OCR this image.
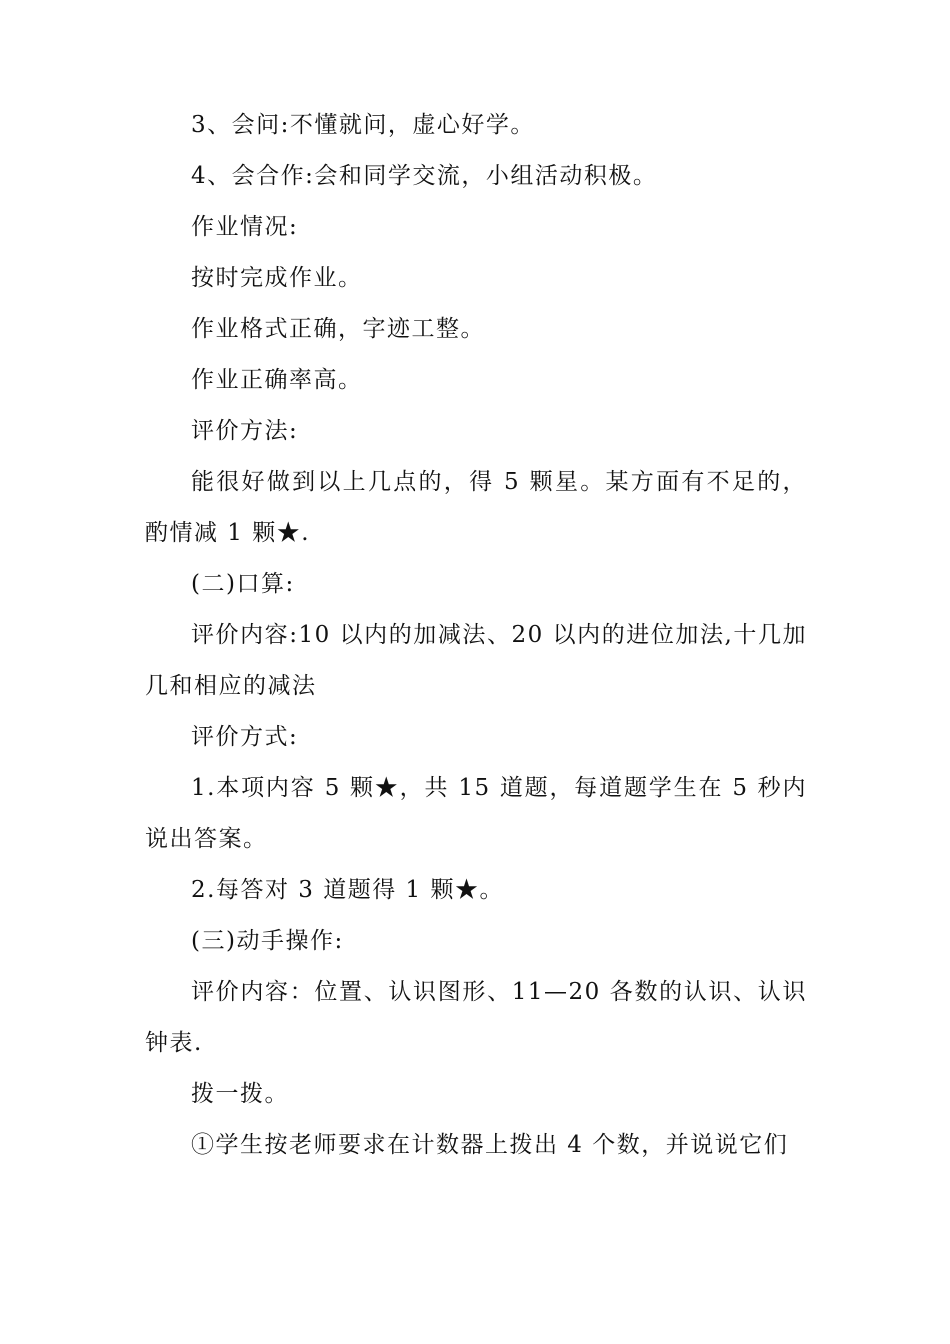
3、会问:不懂就问，虚心好学。

4、会合作:会和同学交流，小组活动积极。

作业情况:

按时完成作业。

作业格式正确，字迹工整。

作业正确率高。

评价方法:

能很好做到以上几点的，得 5 颗星。某方面有不足的，酌情减 1 颗★.

(二)口算:

评价内容:10 以内的加减法、20 以内的进位加法,十几加几和相应的减法

评价方式:

1.本项内容 5 颗★，共 15 道题，每道题学生在 5 秒内说出答案。

2.每答对 3 道题得 1 颗★。

(三)动手操作:

评价内容：位置、认识图形、11—20 各数的认识、认识钟表.

拨一拨。

①学生按老师要求在计数器上拨出 4 个数，并说说它们
